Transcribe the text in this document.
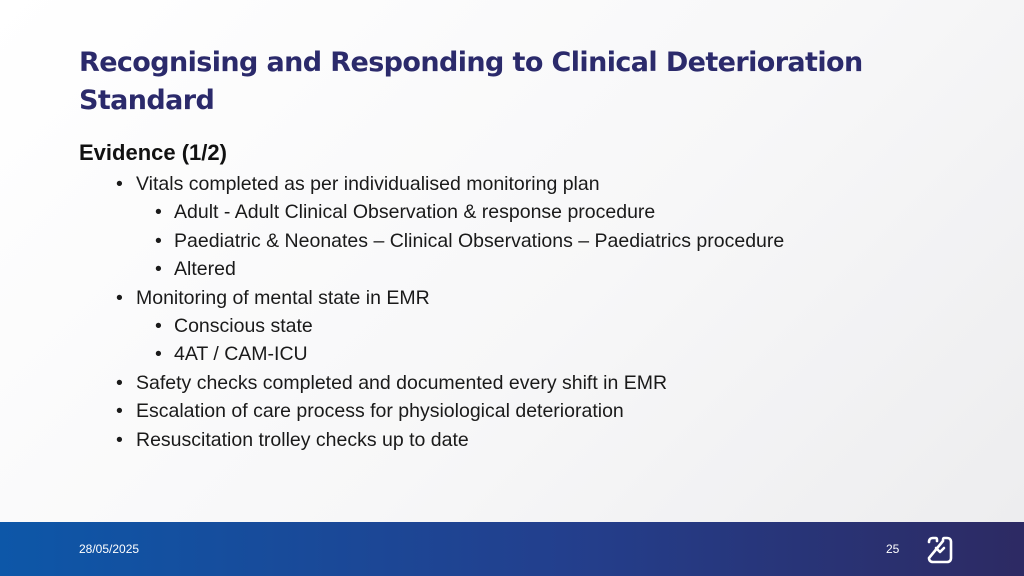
Recognising and Responding to Clinical Deterioration Standard
Evidence (1/2)
• Vitals completed as per individualised monitoring plan
• Adult - Adult Clinical Observation & response procedure
• Paediatric & Neonates – Clinical Observations – Paediatrics procedure
• Altered
• Monitoring of mental state in EMR
• Conscious state
• 4AT / CAM-ICU
• Safety checks completed and documented every shift in EMR
• Escalation of care process for physiological deterioration
• Resuscitation trolley checks up to date
28/05/2025	25
